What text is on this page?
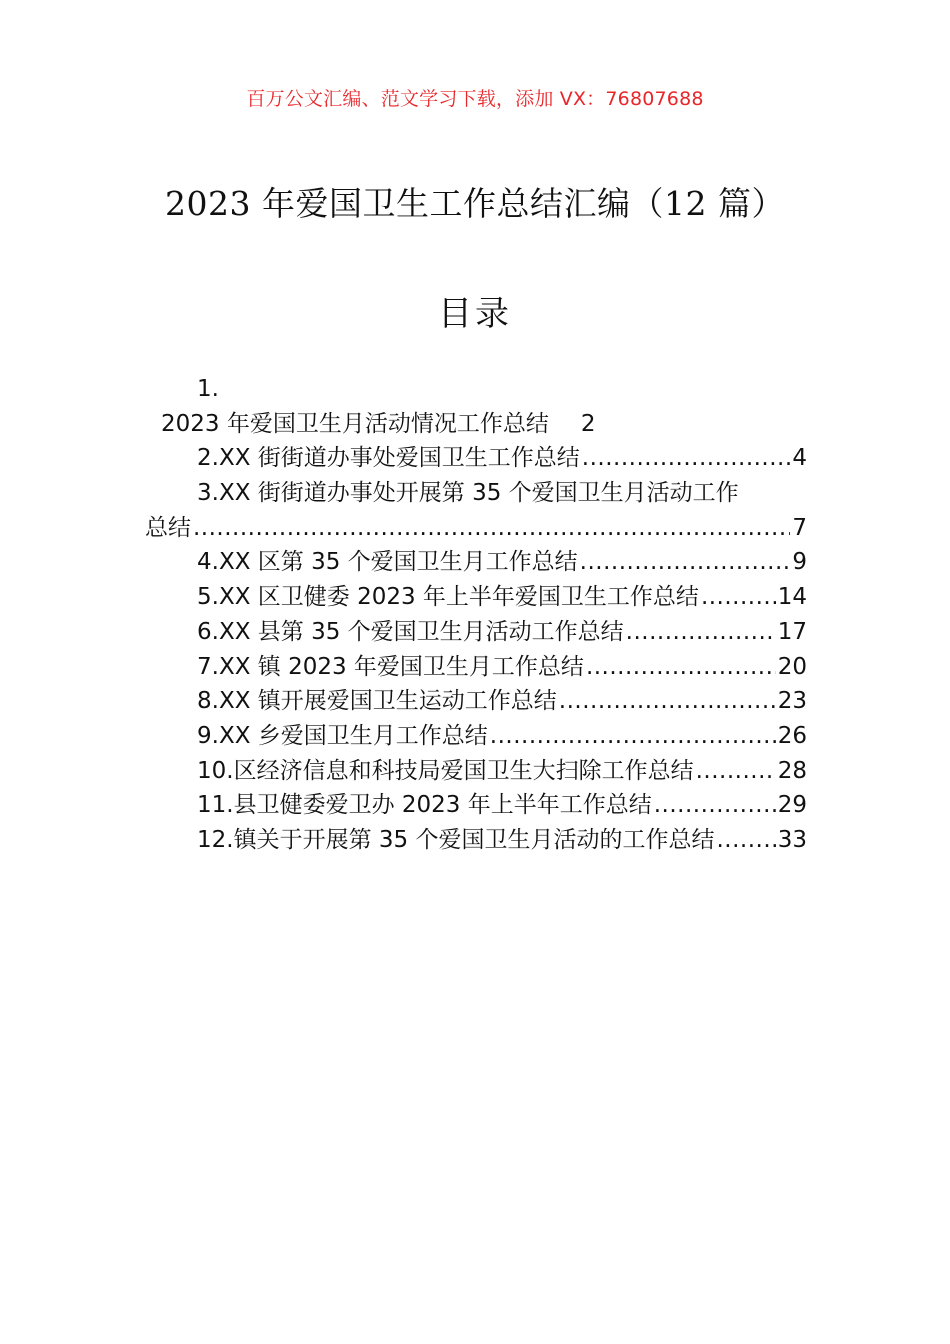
百万公文汇编、范文学习下载，添加 VX：76807688
2023 年爱国卫生工作总结汇编（12 篇）
目录
1.
2023 年爱国卫生月活动情况工作总结 2
2.XX 街街道办事处爱国卫生工作总结 .....	4
3.XX 街街道办事处开展第 35 个爱国卫生月活动工作
总结 .....	7
4.XX 区第 35 个爱国卫生月工作总结 .....	9
5.XX 区卫健委 2023 年上半年爱国卫生工作总结 .....	14
6.XX 县第 35 个爱国卫生月活动工作总结 .....	17
7.XX 镇 2023 年爱国卫生月工作总结 .....	20
8.XX 镇开展爱国卫生运动工作总结 .....	23
9.XX 乡爱国卫生月工作总结 .....	26
10.区经济信息和科技局爱国卫生大扫除工作总结 .....	28
11.县卫健委爱卫办 2023 年上半年工作总结 .....	29
12.镇关于开展第 35 个爱国卫生月活动的工作总结 .....	33
